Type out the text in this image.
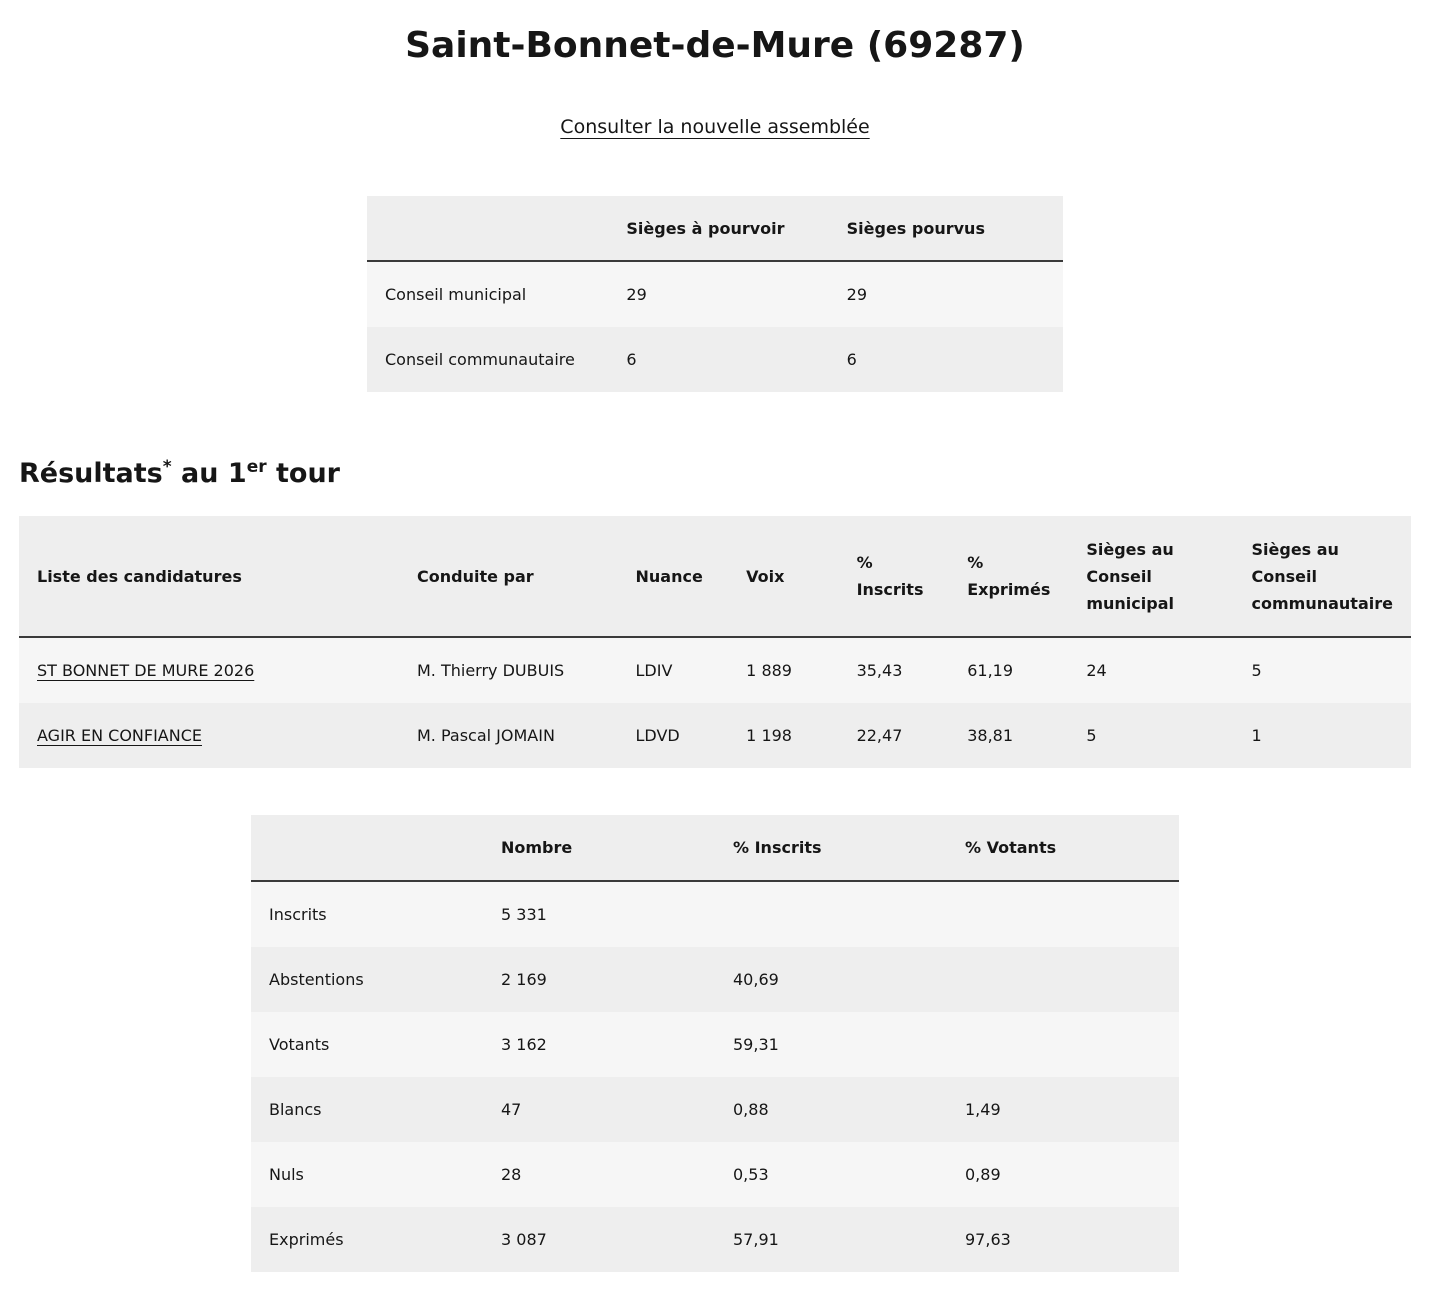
Saint-Bonnet-de-Mure (69287)
Consulter la nouvelle assemblée
	Sièges à pourvoir	Sièges pourvus
Conseil municipal	29	29
Conseil communautaire	6	6
Résultats* au 1er tour
Liste des candidatures	Conduite par	Nuance	Voix	% Inscrits	% Exprimés	Sièges au Conseil municipal	Sièges au Conseil communautaire
ST BONNET DE MURE 2026	M. Thierry DUBUIS	LDIV	1 889	35,43	61,19	24	5
AGIR EN CONFIANCE	M. Pascal JOMAIN	LDVD	1 198	22,47	38,81	5	1
	Nombre	% Inscrits	% Votants
Inscrits	5 331		
Abstentions	2 169	40,69	
Votants	3 162	59,31	
Blancs	47	0,88	1,49
Nuls	28	0,53	0,89
Exprimés	3 087	57,91	97,63
